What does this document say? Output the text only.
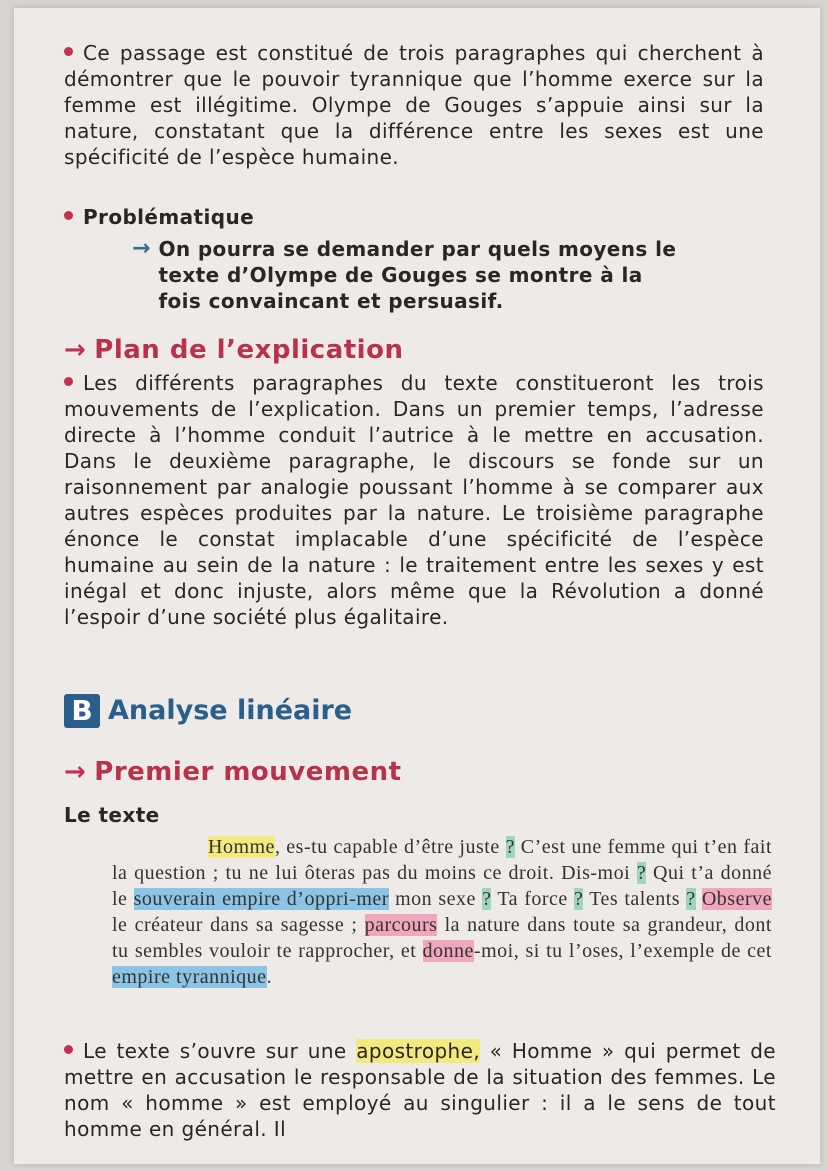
Ce passage est constitué de trois paragraphes qui cherchent à démontrer que le pouvoir tyrannique que l’homme exerce sur la femme est illégitime. Olympe de Gouges s’appuie ainsi sur la nature, constatant que la différence entre les sexes est une spécificité de l’espèce humaine.
Problématique
→ On pourra se demander par quels moyens le texte d’Olympe de Gouges se montre à la fois convaincant et persuasif.
→ Plan de l’explication
Les différents paragraphes du texte constitueront les trois mouvements de l’explication. Dans un premier temps, l’adresse directe à l’homme conduit l’autrice à le mettre en accusation. Dans le deuxième paragraphe, le discours se fonde sur un raisonnement par analogie poussant l’homme à se comparer aux autres espèces produites par la nature. Le troisième paragraphe énonce le constat implacable d’une spécificité de l’espèce humaine au sein de la nature : le traitement entre les sexes y est inégal et donc injuste, alors même que la Révolution a donné l’espoir d’une société plus égalitaire.
B Analyse linéaire
→ Premier mouvement
Le texte
Homme, es-tu capable d’être juste ? C’est une femme qui t’en fait la question ; tu ne lui ôteras pas du moins ce droit. Dis-moi ? Qui t’a donné le souverain empire d’oppri-mer mon sexe ? Ta force ? Tes talents ? Observe le créateur dans sa sagesse ; parcours la nature dans toute sa grandeur, dont tu sembles vouloir te rapprocher, et donne-moi, si tu l’oses, l’exemple de cet empire tyrannique.
Le texte s’ouvre sur une apostrophe, « Homme » qui permet de mettre en accusation le responsable de la situation des femmes. Le nom « homme » est employé au singulier : il a le sens de tout homme en général. Il
